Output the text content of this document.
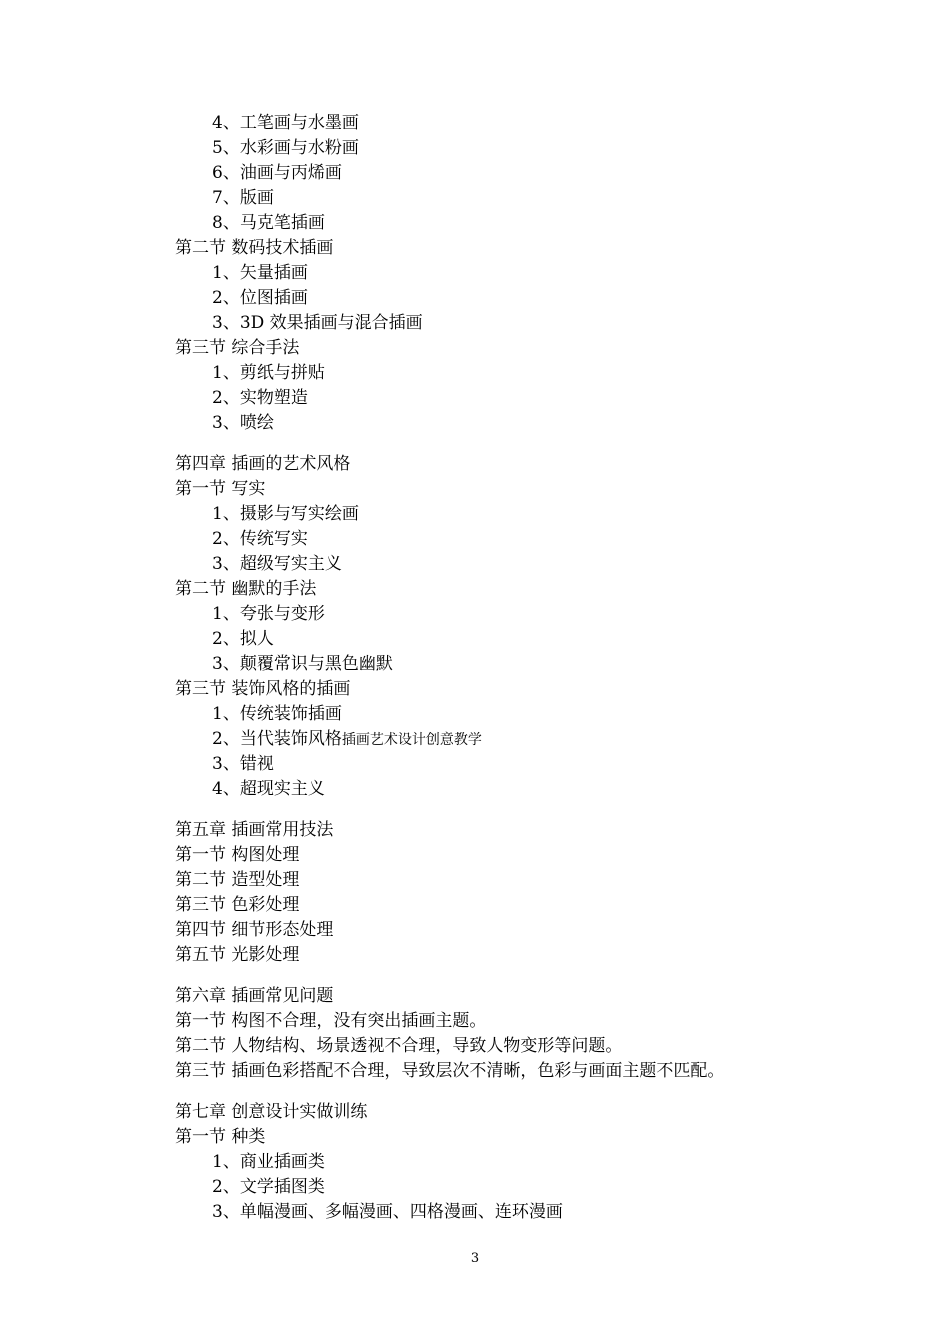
4、工笔画与水墨画
5、水彩画与水粉画
6、油画与丙烯画
7、版画
8、马克笔插画
第二节 数码技术插画
1、矢量插画
2、位图插画
3、3D 效果插画与混合插画
第三节 综合手法
1、剪纸与拼贴
2、实物塑造
3、喷绘
第四章 插画的艺术风格
第一节 写实
1、摄影与写实绘画
2、传统写实
3、超级写实主义
第二节 幽默的手法
1、夸张与变形
2、拟人
3、颠覆常识与黑色幽默
第三节 装饰风格的插画
1、传统装饰插画
2、当代装饰风格插画艺术设计创意教学
3、错视
4、超现实主义
第五章 插画常用技法
第一节 构图处理
第二节 造型处理
第三节 色彩处理
第四节 细节形态处理
第五节 光影处理
第六章 插画常见问题
第一节 构图不合理，没有突出插画主题。
第二节 人物结构、场景透视不合理，导致人物变形等问题。
第三节 插画色彩搭配不合理，导致层次不清晰，色彩与画面主题不匹配。
第七章 创意设计实做训练
第一节 种类
1、商业插画类
2、文学插图类
3、单幅漫画、多幅漫画、四格漫画、连环漫画
3
